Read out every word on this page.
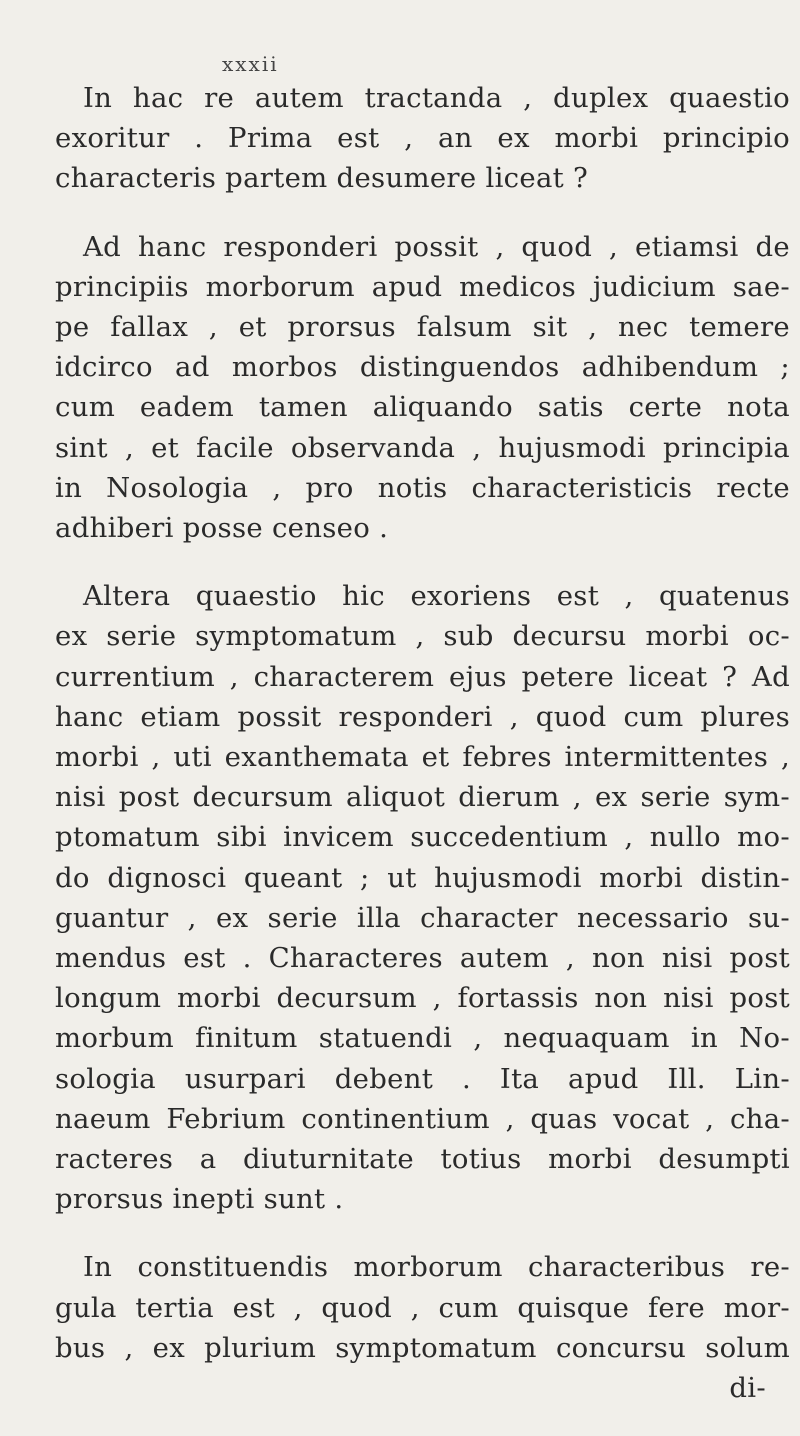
xxxii
In hac re autem tractanda , duplex quaestio
exoritur . Prima est , an ex morbi principio
characteris partem desumere liceat ?
Ad hanc responderi possit , quod , etiamsi de
principiis morborum apud medicos judicium sae-
pe fallax , et prorsus falsum sit , nec temere
idcirco ad morbos distinguendos adhibendum ;
cum eadem tamen aliquando satis certe nota
sint , et facile observanda , hujusmodi principia
in Nosologia , pro notis characteristicis recte
adhiberi posse censeo .
Altera quaestio hic exoriens est , quatenus
ex serie symptomatum , sub decursu morbi oc-
currentium , characterem ejus petere liceat ? Ad
hanc etiam possit responderi , quod cum plures
morbi , uti exanthemata et febres intermittentes ,
nisi post decursum aliquot dierum , ex serie sym-
ptomatum sibi invicem succedentium , nullo mo-
do dignosci queant ; ut hujusmodi morbi distin-
guantur , ex serie illa character necessario su-
mendus est . Characteres autem , non nisi post
longum morbi decursum , fortassis non nisi post
morbum finitum statuendi , nequaquam in No-
sologia usurpari debent . Ita apud Ill. Lin-
naeum Febrium continentium , quas vocat , cha-
racteres a diuturnitate totius morbi desumpti
prorsus inepti sunt .
In constituendis morborum characteribus re-
gula tertia est , quod , cum quisque fere mor-
bus , ex plurium symptomatum concursu solum
di-
